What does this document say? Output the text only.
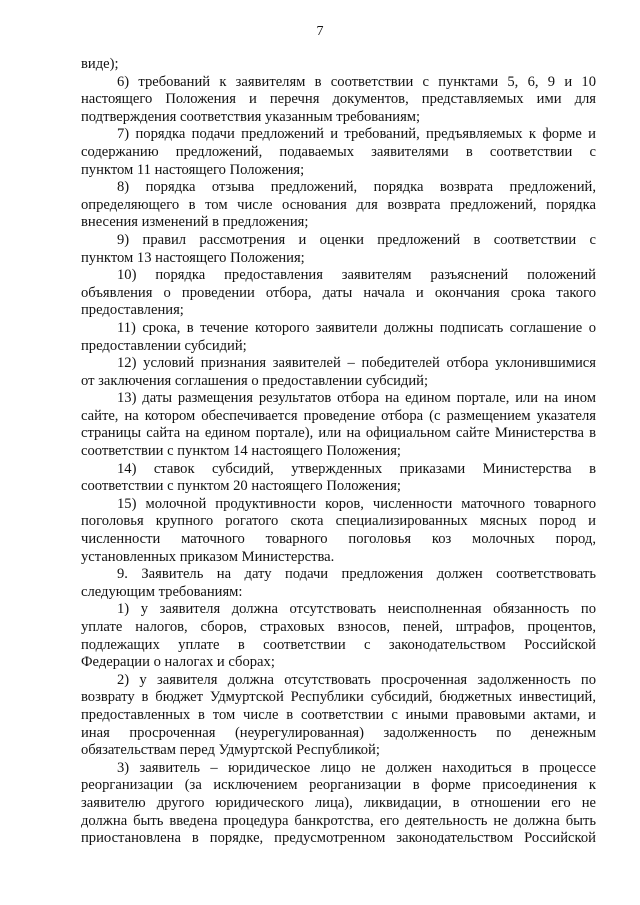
7
виде);
6) требований к заявителям в соответствии с пунктами 5, 6, 9 и 10
настоящего Положения и перечня документов, представляемых ими для
подтверждения соответствия указанным требованиям;
7) порядка подачи предложений и требований, предъявляемых к форме и
содержанию предложений, подаваемых заявителями в соответствии с
пунктом 11 настоящего Положения;
8) порядка отзыва предложений, порядка возврата предложений,
определяющего в том числе основания для возврата предложений, порядка
внесения изменений в предложения;
9) правил рассмотрения и оценки предложений в соответствии с
пунктом 13 настоящего Положения;
10) порядка предоставления заявителям разъяснений положений
объявления о проведении отбора, даты начала и окончания срока такого
предоставления;
11) срока, в течение которого заявители должны подписать соглашение о
предоставлении субсидий;
12) условий признания заявителей – победителей отбора уклонившимися
от заключения соглашения о предоставлении субсидий;
13) даты размещения результатов отбора на едином портале, или на ином
сайте, на котором обеспечивается проведение отбора (с размещением указателя
страницы сайта на едином портале), или на официальном сайте Министерства в
соответствии с пунктом 14 настоящего Положения;
14) ставок субсидий, утвержденных приказами Министерства в
соответствии с пунктом 20 настоящего Положения;
15) молочной продуктивности коров, численности маточного товарного
поголовья крупного рогатого скота специализированных мясных пород и
численности маточного товарного поголовья коз молочных пород,
установленных приказом Министерства.
9. Заявитель на дату подачи предложения должен соответствовать
следующим требованиям:
1) у заявителя должна отсутствовать неисполненная обязанность по
уплате налогов, сборов, страховых взносов, пеней, штрафов, процентов,
подлежащих уплате в соответствии с законодательством Российской
Федерации о налогах и сборах;
2) у заявителя должна отсутствовать просроченная задолженность по
возврату в бюджет Удмуртской Республики субсидий, бюджетных инвестиций,
предоставленных в том числе в соответствии с иными правовыми актами, и
иная просроченная (неурегулированная) задолженность по денежным
обязательствам перед Удмуртской Республикой;
3) заявитель – юридическое лицо не должен находиться в процессе
реорганизации (за исключением реорганизации в форме присоединения к
заявителю другого юридического лица), ликвидации, в отношении его не
должна быть введена процедура банкротства, его деятельность не должна быть
приостановлена в порядке, предусмотренном законодательством Российской
